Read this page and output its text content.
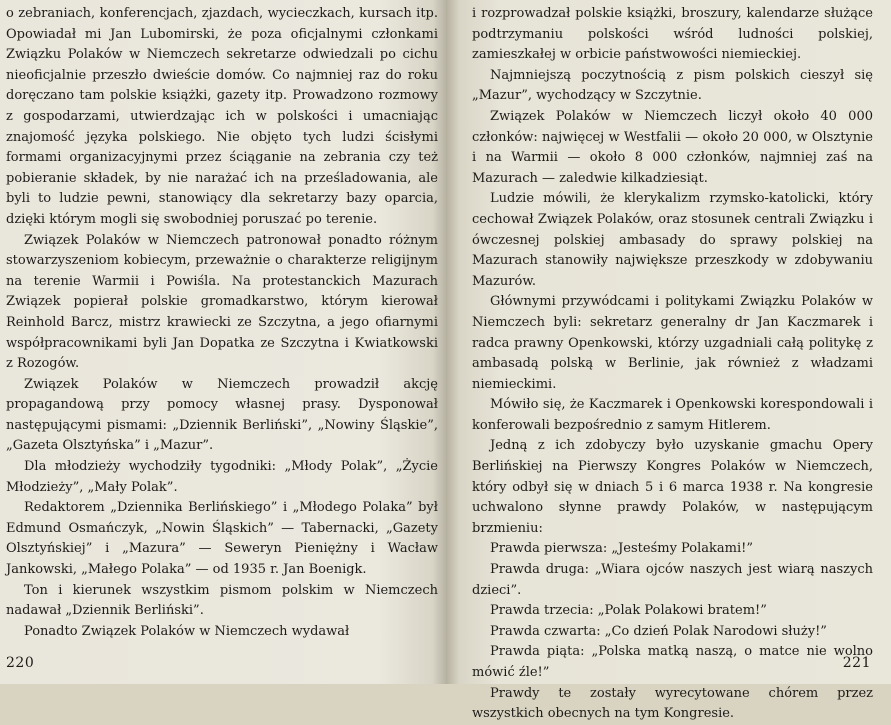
o zebraniach, konferencjach, zjazdach, wycieczkach, kursach itp. Opowiadał mi Jan Lubomirski, że poza oficjalnymi członkami Związku Polaków w Niemczech sekretarze odwiedzali po cichu nieoficjalnie przeszło dwieście domów. Co najmniej raz do roku doręczano tam polskie książki, gazety itp. Prowadzono rozmowy z gospodarzami, utwierdzając ich w polskości i umacniając znajomość języka polskiego. Nie objęto tych ludzi ścisłymi formami organizacyjnymi przez ściąganie na zebrania czy też pobieranie składek, by nie narażać ich na prześladowania, ale byli to ludzie pewni, stanowiący dla sekretarzy bazy oparcia, dzięki którym mogli się swobodniej poruszać po terenie.

Związek Polaków w Niemczech patronował ponadto różnym stowarzyszeniom kobiecym, przeważnie o charakterze religijnym na terenie Warmii i Powiśla. Na protestanckich Mazurach Związek popierał polskie gromadkarstwo, którym kierował Reinhold Barcz, mistrz krawiecki ze Szczytna, a jego ofiarnymi współpracownikami byli Jan Dopatka ze Szczytna i Kwiatkowski z Rozogów.

Związek Polaków w Niemczech prowadził akcję propagandową przy pomocy własnej prasy. Dysponował następującymi pismami: „Dziennik Berliński”, „Nowiny Śląskie”, „Gazeta Olsztyńska” i „Mazur”.

Dla młodzieży wychodziły tygodniki: „Młody Polak”, „Życie Młodzieży”, „Mały Polak”.

Redaktorem „Dziennika Berlińskiego” i „Młodego Polaka” był Edmund Osmańczyk, „Nowin Śląskich” — Tabernacki, „Gazety Olsztyńskiej” i „Mazura” — Seweryn Pieniężny i Wacław Jankowski, „Małego Polaka” — od 1935 r. Jan Boenigk.

Ton i kierunek wszystkim pismom polskim w Niemczech nadawał „Dziennik Berliński”.

Ponadto Związek Polaków w Niemczech wydawał

220

i rozprowadzał polskie książki, broszury, kalendarze służące podtrzymaniu polskości wśród ludności polskiej, zamieszkałej w orbicie państwowości niemieckiej.

Najmniejszą poczytnością z pism polskich cieszył się „Mazur”, wychodzący w Szczytnie.

Związek Polaków w Niemczech liczył około 40 000 członków: najwięcej w Westfalii — około 20 000, w Olsztynie i na Warmii — około 8 000 członków, najmniej zaś na Mazurach — zaledwie kilkadziesiąt.

Ludzie mówili, że klerykalizm rzymsko-katolicki, który cechował Związek Polaków, oraz stosunek centrali Związku i ówczesnej polskiej ambasady do sprawy polskiej na Mazurach stanowiły największe przeszkody w zdobywaniu Mazurów.

Głównymi przywódcami i politykami Związku Polaków w Niemczech byli: sekretarz generalny dr Jan Kaczmarek i radca prawny Openkowski, którzy uzgadniali całą politykę z ambasadą polską w Berlinie, jak również z władzami niemieckimi.

Mówiło się, że Kaczmarek i Openkowski korespondowali i konferowali bezpośrednio z samym Hitlerem.

Jedną z ich zdobyczy było uzyskanie gmachu Opery Berlińskiej na Pierwszy Kongres Polaków w Niemczech, który odbył się w dniach 5 i 6 marca 1938 r. Na kongresie uchwalono słynne prawdy Polaków, w następującym brzmieniu:

Prawda pierwsza: „Jesteśmy Polakami!”

Prawda druga: „Wiara ojców naszych jest wiarą naszych dzieci”.

Prawda trzecia: „Polak Polakowi bratem!”

Prawda czwarta: „Co dzień Polak Narodowi służy!”

Prawda piąta: „Polska matką naszą, o matce nie wolno mówić źle!”

Prawdy te zostały wyrecytowane chórem przez wszystkich obecnych na tym Kongresie.

221
